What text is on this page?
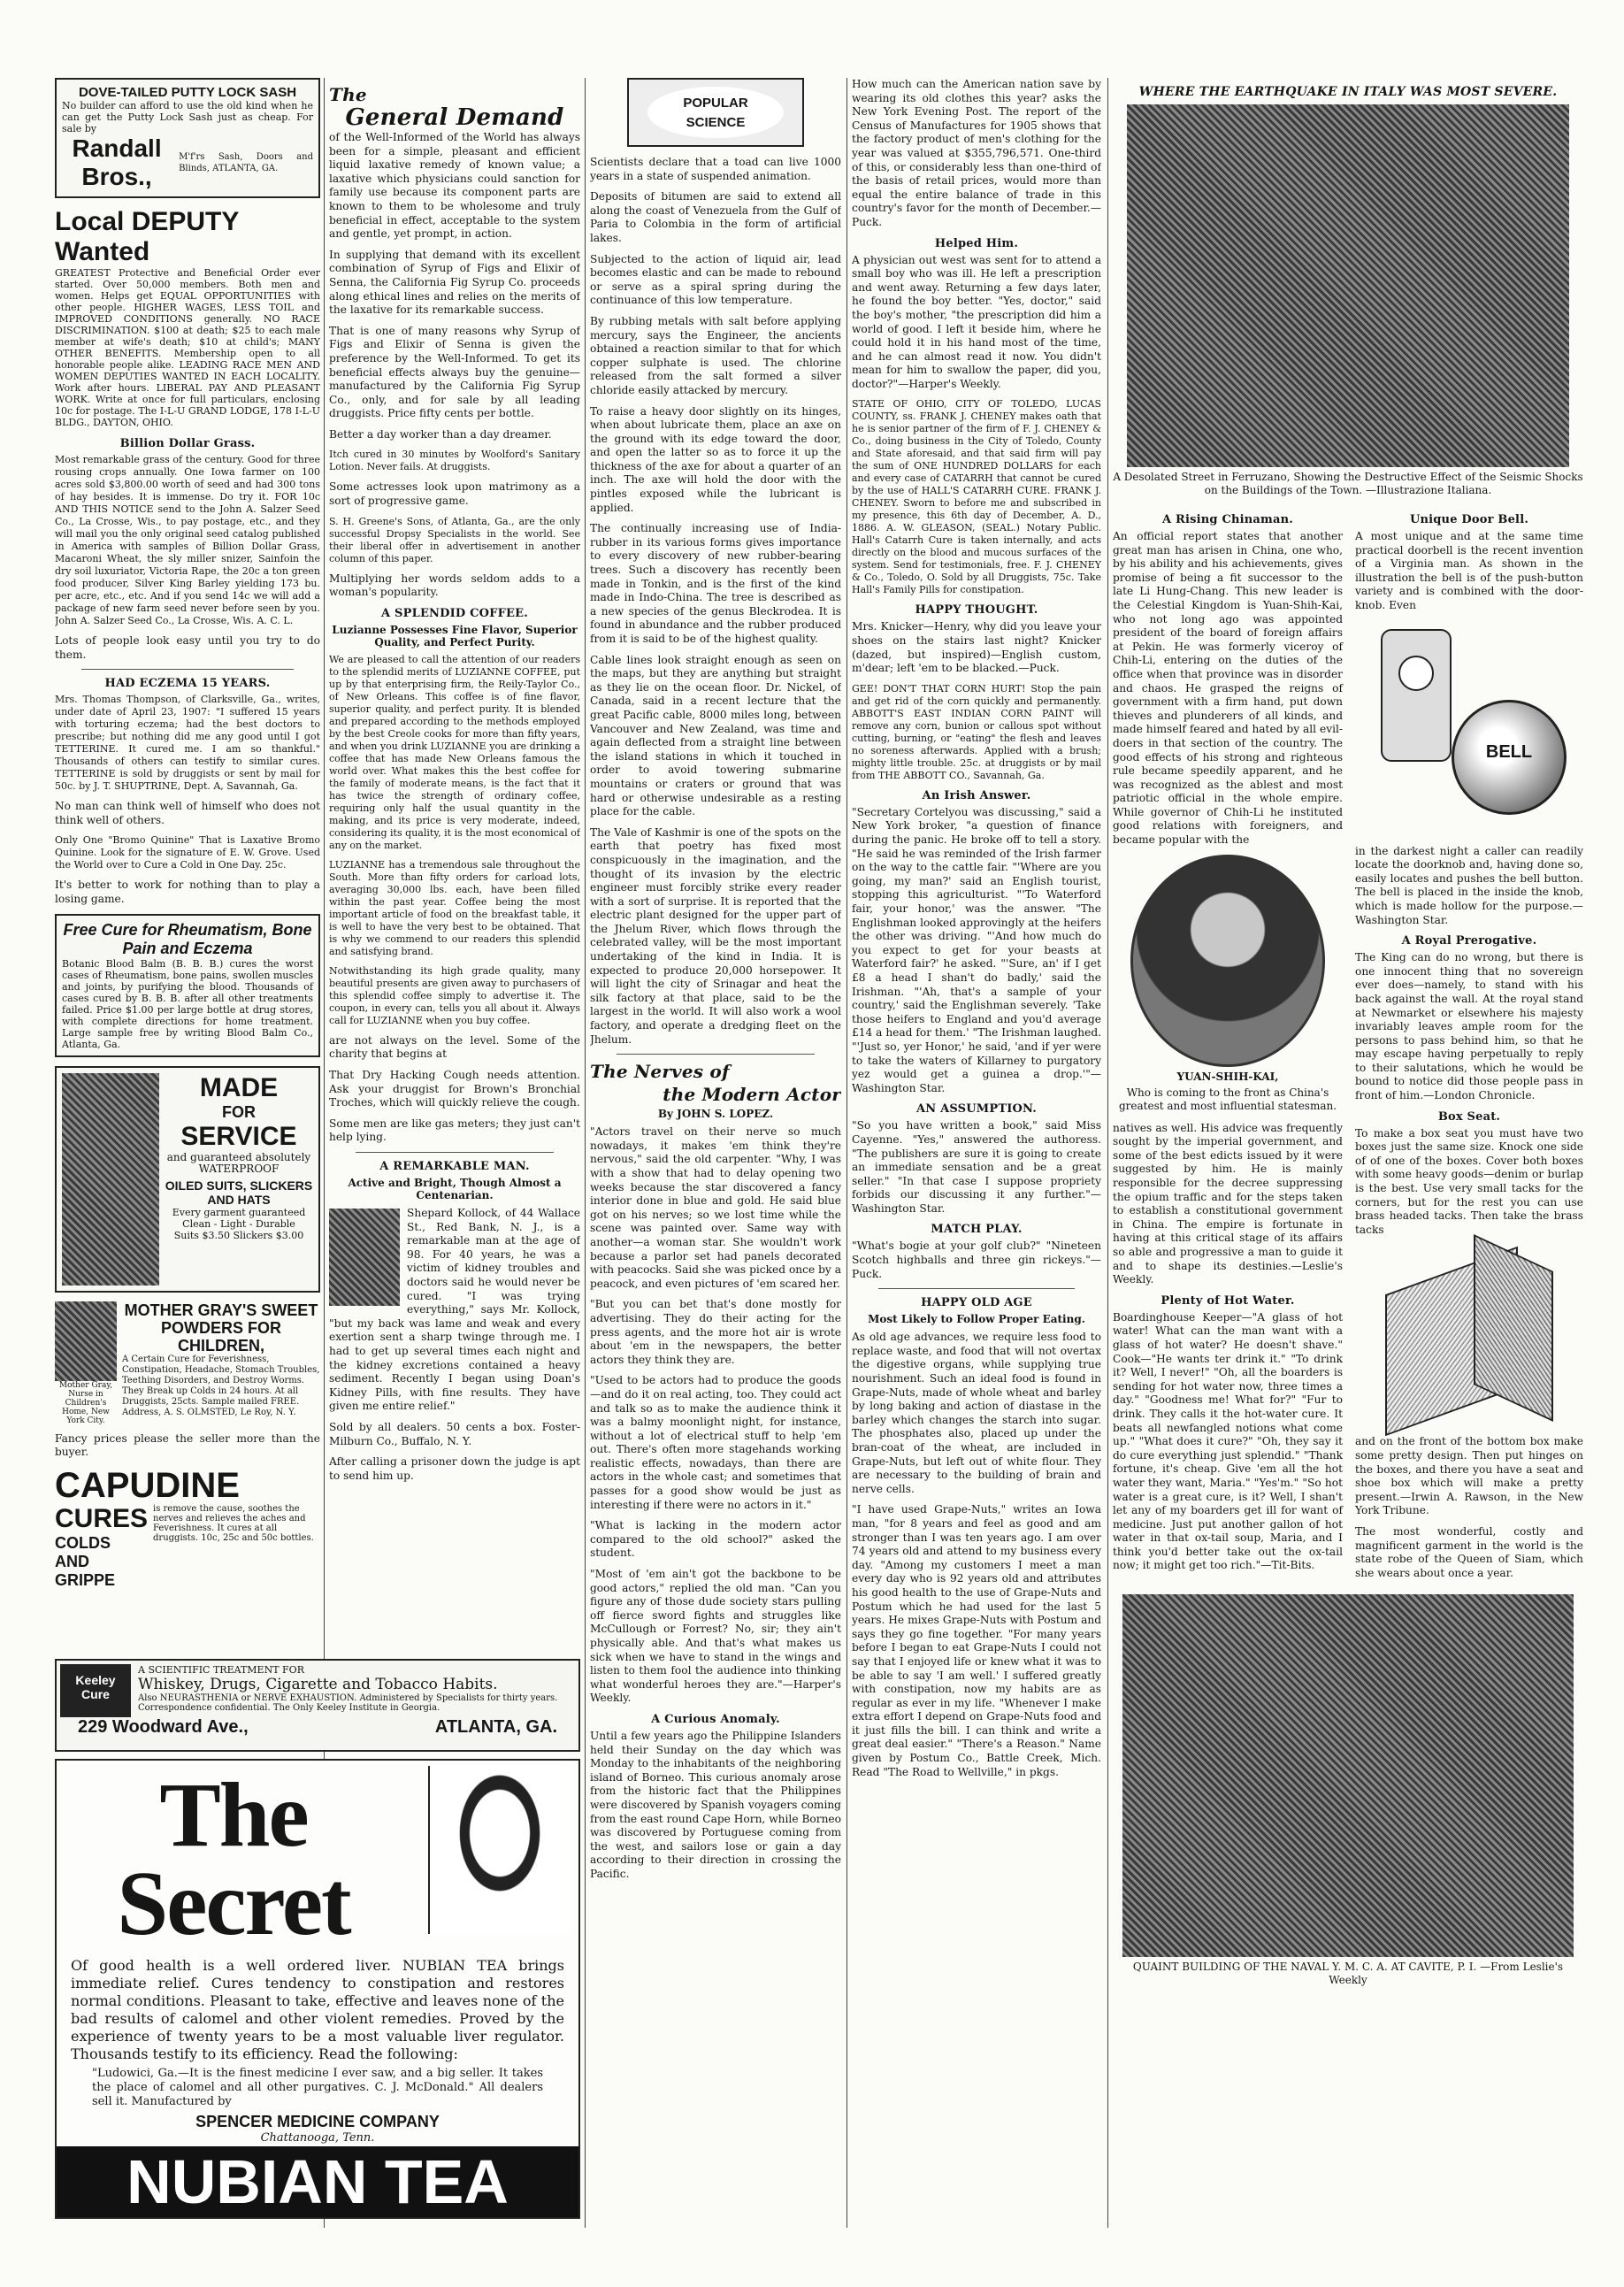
DOVE-TAILED PUTTY LOCK SASH
No builder can afford to use the old kind when he can get the Putty Lock Sash just as cheap. For sale by
Randall Bros.,
M'f'rs Sash, Doors and Blinds, ATLANTA, GA.
Local DEPUTY Wanted
GREATEST Protective and Beneficial Order ever started. Over 50,000 members. Both men and women. Helps get EQUAL OPPORTUNITIES with other people. HIGHER WAGES, LESS TOIL and IMPROVED CONDITIONS generally. NO RACE DISCRIMINATION. $100 at death; $25 to each male member at wife's death; $10 at child's; MANY OTHER BENEFITS. Membership open to all honorable people alike. LEADING RACE MEN AND WOMEN DEPUTIES WANTED IN EACH LOCALITY. Work after hours. LIBERAL PAY AND PLEASANT WORK. Write at once for full particulars, enclosing 10c for postage. The I-L-U GRAND LODGE, 178 I-L-U BLDG., DAYTON, OHIO.
Billion Dollar Grass.
Most remarkable grass of the century. Good for three rousing crops annually. One Iowa farmer on 100 acres sold $3,800.00 worth of seed and had 300 tons of hay besides. It is immense. Do try it. FOR 10c AND THIS NOTICE send to the John A. Salzer Seed Co., La Crosse, Wis., to pay postage, etc., and they will mail you the only original seed catalog published in America with samples of Billion Dollar Grass, Macaroni Wheat, the sly miller snizer, Sainfoin the dry soil luxuriator, Victoria Rape, the 20c a ton green food producer, Silver King Barley yielding 173 bu. per acre, etc., etc. And if you send 14c we will add a package of new farm seed never before seen by you. John A. Salzer Seed Co., La Crosse, Wis. A. C. L.
Lots of people look easy until you try to do them.
HAD ECZEMA 15 YEARS.
Mrs. Thomas Thompson, of Clarksville, Ga., writes, under date of April 23, 1907: "I suffered 15 years with torturing eczema; had the best doctors to prescribe; but nothing did me any good until I got TETTERINE. It cured me. I am so thankful." Thousands of others can testify to similar cures. TETTERINE is sold by druggists or sent by mail for 50c. by J. T. SHUPTRINE, Dept. A, Savannah, Ga.
No man can think well of himself who does not think well of others.
Only One "Bromo Quinine" That is Laxative Bromo Quinine. Look for the signature of E. W. Grove. Used the World over to Cure a Cold in One Day. 25c.
It's better to work for nothing than to play a losing game.
Free Cure for Rheumatism, Bone Pain and Eczema
Botanic Blood Balm (B. B. B.) cures the worst cases of Rheumatism, bone pains, swollen muscles and joints, by purifying the blood. Thousands of cases cured by B. B. B. after all other treatments failed. Price $1.00 per large bottle at drug stores, with complete directions for home treatment. Large sample free by writing Blood Balm Co., Atlanta, Ga.
MADE
FOR
SERVICE
and guaranteed absolutely WATERPROOF
OILED SUITS, SLICKERS AND HATS
Every garment guaranteed Clean - Light - Durable
Suits $3.50 Slickers $3.00
Mother Gray, Nurse in Children's Home, New York City.
MOTHER GRAY'S SWEET POWDERS FOR CHILDREN,
A Certain Cure for Feverishness, Constipation, Headache, Stomach Troubles, Teething Disorders, and Destroy Worms. They Break up Colds in 24 hours. At all Druggists, 25cts. Sample mailed FREE. Address, A. S. OLMSTED, Le Roy, N. Y.
Fancy prices please the seller more than the buyer.
CAPUDINE
CURES
COLDS AND GRIPPE
is remove the cause, soothes the nerves and relieves the aches and Feverishness. It cures at all druggists. 10c, 25c and 50c bottles.
The
General Demand
of the Well-Informed of the World has always been for a simple, pleasant and efficient liquid laxative remedy of known value; a laxative which physicians could sanction for family use because its component parts are known to them to be wholesome and truly beneficial in effect, acceptable to the system and gentle, yet prompt, in action.
In supplying that demand with its excellent combination of Syrup of Figs and Elixir of Senna, the California Fig Syrup Co. proceeds along ethical lines and relies on the merits of the laxative for its remarkable success.
That is one of many reasons why Syrup of Figs and Elixir of Senna is given the preference by the Well-Informed. To get its beneficial effects always buy the genuine—manufactured by the California Fig Syrup Co., only, and for sale by all leading druggists. Price fifty cents per bottle.
Better a day worker than a day dreamer.
Itch cured in 30 minutes by Woolford's Sanitary Lotion. Never fails. At druggists.
Some actresses look upon matrimony as a sort of progressive game.
S. H. Greene's Sons, of Atlanta, Ga., are the only successful Dropsy Specialists in the world. See their liberal offer in advertisement in another column of this paper.
Multiplying her words seldom adds to a woman's popularity.
A SPLENDID COFFEE.
Luzianne Possesses Fine Flavor, Superior Quality, and Perfect Purity.
We are pleased to call the attention of our readers to the splendid merits of LUZIANNE COFFEE, put up by that enterprising firm, the Reily-Taylor Co., of New Orleans. This coffee is of fine flavor, superior quality, and perfect purity. It is blended and prepared according to the methods employed by the best Creole cooks for more than fifty years, and when you drink LUZIANNE you are drinking a coffee that has made New Orleans famous the world over. What makes this the best coffee for the family of moderate means, is the fact that it has twice the strength of ordinary coffee, requiring only half the usual quantity in the making, and its price is very moderate, indeed, considering its quality, it is the most economical of any on the market.
LUZIANNE has a tremendous sale throughout the South. More than fifty orders for carload lots, averaging 30,000 lbs. each, have been filled within the past year. Coffee being the most important article of food on the breakfast table, it is well to have the very best to be obtained. That is why we commend to our readers this splendid and satisfying brand.
Notwithstanding its high grade quality, many beautiful presents are given away to purchasers of this splendid coffee simply to advertise it. The coupon, in every can, tells you all about it. Always call for LUZIANNE when you buy coffee.
are not always on the level. Some of the charity that begins at
That Dry Hacking Cough needs attention. Ask your druggist for Brown's Bronchial Troches, which will quickly relieve the cough.
Some men are like gas meters; they just can't help lying.
A REMARKABLE MAN.
Active and Bright, Though Almost a Centenarian.
Shepard Kollock, of 44 Wallace St., Red Bank, N. J., is a remarkable man at the age of 98. For 40 years, he was a victim of kidney troubles and doctors said he would never be cured. "I was trying everything," says Mr. Kollock, "but my back was lame and weak and every exertion sent a sharp twinge through me. I had to get up several times each night and the kidney excretions contained a heavy sediment. Recently I began using Doan's Kidney Pills, with fine results. They have given me entire relief."
Sold by all dealers. 50 cents a box. Foster-Milburn Co., Buffalo, N. Y.
After calling a prisoner down the judge is apt to send him up.
POPULAR
SCIENCE
Scientists declare that a toad can live 1000 years in a state of suspended animation.
Deposits of bitumen are said to extend all along the coast of Venezuela from the Gulf of Paria to Colombia in the form of artificial lakes.
Subjected to the action of liquid air, lead becomes elastic and can be made to rebound or serve as a spiral spring during the continuance of this low temperature.
By rubbing metals with salt before applying mercury, says the Engineer, the ancients obtained a reaction similar to that for which copper sulphate is used. The chlorine released from the salt formed a silver chloride easily attacked by mercury.
To raise a heavy door slightly on its hinges, when about lubricate them, place an axe on the ground with its edge toward the door, and open the latter so as to force it up the thickness of the axe for about a quarter of an inch. The axe will hold the door with the pintles exposed while the lubricant is applied.
The continually increasing use of India-rubber in its various forms gives importance to every discovery of new rubber-bearing trees. Such a discovery has recently been made in Tonkin, and is the first of the kind made in Indo-China. The tree is described as a new species of the genus Bleckrodea. It is found in abundance and the rubber produced from it is said to be of the highest quality.
Cable lines look straight enough as seen on the maps, but they are anything but straight as they lie on the ocean floor. Dr. Nickel, of Canada, said in a recent lecture that the great Pacific cable, 8000 miles long, between Vancouver and New Zealand, was time and again deflected from a straight line between the island stations in which it touched in order to avoid towering submarine mountains or craters or ground that was hard or otherwise undesirable as a resting place for the cable.
The Vale of Kashmir is one of the spots on the earth that poetry has fixed most conspicuously in the imagination, and the thought of its invasion by the electric engineer must forcibly strike every reader with a sort of surprise. It is reported that the electric plant designed for the upper part of the Jhelum River, which flows through the celebrated valley, will be the most important undertaking of the kind in India. It is expected to produce 20,000 horsepower. It will light the city of Srinagar and heat the silk factory at that place, said to be the largest in the world. It will also work a wool factory, and operate a dredging fleet on the Jhelum.
The Nerves of
the Modern Actor
By JOHN S. LOPEZ.
"Actors travel on their nerve so much nowadays, it makes 'em think they're nervous," said the old carpenter. "Why, I was with a show that had to delay opening two weeks because the star discovered a fancy interior done in blue and gold. He said blue got on his nerves; so we lost time while the scene was painted over. Same way with another—a woman star. She wouldn't work because a parlor set had panels decorated with peacocks. Said she was picked once by a peacock, and even pictures of 'em scared her.
"But you can bet that's done mostly for advertising. They do their acting for the press agents, and the more hot air is wrote about 'em in the newspapers, the better actors they think they are.
"Used to be actors had to produce the goods—and do it on real acting, too. They could act and talk so as to make the audience think it was a balmy moonlight night, for instance, without a lot of electrical stuff to help 'em out. There's often more stagehands working realistic effects, nowadays, than there are actors in the whole cast; and sometimes that passes for a good show would be just as interesting if there were no actors in it."
"What is lacking in the modern actor compared to the old school?" asked the student.
"Most of 'em ain't got the backbone to be good actors," replied the old man. "Can you figure any of those dude society stars pulling off fierce sword fights and struggles like McCullough or Forrest? No, sir; they ain't physically able. And that's what makes us sick when we have to stand in the wings and listen to them fool the audience into thinking what wonderful heroes they are."—Harper's Weekly.
A Curious Anomaly.
Until a few years ago the Philippine Islanders held their Sunday on the day which was Monday to the inhabitants of the neighboring island of Borneo. This curious anomaly arose from the historic fact that the Philippines were discovered by Spanish voyagers coming from the east round Cape Horn, while Borneo was discovered by Portuguese coming from the west, and sailors lose or gain a day according to their direction in crossing the Pacific.
How much can the American nation save by wearing its old clothes this year? asks the New York Evening Post. The report of the Census of Manufactures for 1905 shows that the factory product of men's clothing for the year was valued at $355,796,571. One-third of this, or considerably less than one-third of the basis of retail prices, would more than equal the entire balance of trade in this country's favor for the month of December.—Puck.
Helped Him.
A physician out west was sent for to attend a small boy who was ill. He left a prescription and went away. Returning a few days later, he found the boy better. "Yes, doctor," said the boy's mother, "the prescription did him a world of good. I left it beside him, where he could hold it in his hand most of the time, and he can almost read it now. You didn't mean for him to swallow the paper, did you, doctor?"—Harper's Weekly.
STATE OF OHIO, CITY OF TOLEDO, LUCAS COUNTY, ss. FRANK J. CHENEY makes oath that he is senior partner of the firm of F. J. CHENEY & Co., doing business in the City of Toledo, County and State aforesaid, and that said firm will pay the sum of ONE HUNDRED DOLLARS for each and every case of CATARRH that cannot be cured by the use of HALL'S CATARRH CURE. FRANK J. CHENEY. Sworn to before me and subscribed in my presence, this 6th day of December, A. D., 1886. A. W. GLEASON, (SEAL.) Notary Public. Hall's Catarrh Cure is taken internally, and acts directly on the blood and mucous surfaces of the system. Send for testimonials, free. F. J. CHENEY & Co., Toledo, O. Sold by all Druggists, 75c. Take Hall's Family Pills for constipation.
HAPPY THOUGHT.
Mrs. Knicker—Henry, why did you leave your shoes on the stairs last night? Knicker (dazed, but inspired)—English custom, m'dear; left 'em to be blacked.—Puck.
GEE! DON'T THAT CORN HURT! Stop the pain and get rid of the corn quickly and permanently. ABBOTT'S EAST INDIAN CORN PAINT will remove any corn, bunion or callous spot without cutting, burning, or "eating" the flesh and leaves no soreness afterwards. Applied with a brush; mighty little trouble. 25c. at druggists or by mail from THE ABBOTT CO., Savannah, Ga.
An Irish Answer.
"Secretary Cortelyou was discussing," said a New York broker, "a question of finance during the panic. He broke off to tell a story. "He said he was reminded of the Irish farmer on the way to the cattle fair. "'Where are you going, my man?' said an English tourist, stopping this agriculturist. "'To Waterford fair, your honor,' was the answer. "The Englishman looked approvingly at the heifers the other was driving. "'And how much do you expect to get for your beasts at Waterford fair?' he asked. "'Sure, an' if I get £8 a head I shan't do badly,' said the Irishman. "'Ah, that's a sample of your country,' said the Englishman severely. 'Take those heifers to England and you'd average £14 a head for them.' "The Irishman laughed. "'Just so, yer Honor,' he said, 'and if yer were to take the waters of Killarney to purgatory yez would get a guinea a drop.'"—Washington Star.
AN ASSUMPTION.
"So you have written a book," said Miss Cayenne. "Yes," answered the authoress. "The publishers are sure it is going to create an immediate sensation and be a great seller." "In that case I suppose propriety forbids our discussing it any further."—Washington Star.
MATCH PLAY.
"What's bogie at your golf club?" "Nineteen Scotch highballs and three gin rickeys."—Puck.
HAPPY OLD AGE
Most Likely to Follow Proper Eating.
As old age advances, we require less food to replace waste, and food that will not overtax the digestive organs, while supplying true nourishment. Such an ideal food is found in Grape-Nuts, made of whole wheat and barley by long baking and action of diastase in the barley which changes the starch into sugar. The phosphates also, placed up under the bran-coat of the wheat, are included in Grape-Nuts, but left out of white flour. They are necessary to the building of brain and nerve cells.
"I have used Grape-Nuts," writes an Iowa man, "for 8 years and feel as good and am stronger than I was ten years ago. I am over 74 years old and attend to my business every day. "Among my customers I meet a man every day who is 92 years old and attributes his good health to the use of Grape-Nuts and Postum which he had used for the last 5 years. He mixes Grape-Nuts with Postum and says they go fine together. "For many years before I began to eat Grape-Nuts I could not say that I enjoyed life or knew what it was to be able to say 'I am well.' I suffered greatly with constipation, now my habits are as regular as ever in my life. "Whenever I make extra effort I depend on Grape-Nuts food and it just fills the bill. I can think and write a great deal easier." "There's a Reason." Name given by Postum Co., Battle Creek, Mich. Read "The Road to Wellville," in pkgs.
WHERE THE EARTHQUAKE IN ITALY WAS MOST SEVERE.
A Desolated Street in Ferruzano, Showing the Destructive Effect of the Seismic Shocks on the Buildings of the Town. —Illustrazione Italiana.
A Rising Chinaman.
An official report states that another great man has arisen in China, one who, by his ability and his achievements, gives promise of being a fit successor to the late Li Hung-Chang. This new leader is the Celestial Kingdom is Yuan-Shih-Kai, who not long ago was appointed president of the board of foreign affairs at Pekin. He was formerly viceroy of Chih-Li, entering on the duties of the office when that province was in disorder and chaos. He grasped the reigns of government with a firm hand, put down thieves and plunderers of all kinds, and made himself feared and hated by all evil-doers in that section of the country. The good effects of his strong and righteous rule became speedily apparent, and he was recognized as the ablest and most patriotic official in the whole empire. While governor of Chih-Li he instituted good relations with foreigners, and became popular with the
YUAN-SHIH-KAI,
Who is coming to the front as China's greatest and most influential statesman.
natives as well. His advice was frequently sought by the imperial government, and some of the best edicts issued by it were suggested by him. He is mainly responsible for the decree suppressing the opium traffic and for the steps taken to establish a constitutional government in China. The empire is fortunate in having at this critical stage of its affairs so able and progressive a man to guide it and to shape its destinies.—Leslie's Weekly.
Plenty of Hot Water.
Boardinghouse Keeper—"A glass of hot water! What can the man want with a glass of hot water? He doesn't shave." Cook—"He wants ter drink it." "To drink it? Well, I never!" "Oh, all the boarders is sending for hot water now, three times a day." "Goodness me! What for?" "Fur to drink. They calls it the hot-water cure. It beats all newfangled notions what come up." "What does it cure?" "Oh, they say it do cure everything just splendid." "Thank fortune, it's cheap. Give 'em all the hot water they want, Maria." "Yes'm." "So hot water is a great cure, is it? Well, I shan't let any of my boarders get ill for want of medicine. Just put another gallon of hot water in that ox-tail soup, Maria, and I think you'd better take out the ox-tail now; it might get too rich."—Tit-Bits.
Unique Door Bell.
A most unique and at the same time practical doorbell is the recent invention of a Virginia man. As shown in the illustration the bell is of the push-button variety and is combined with the door-knob. Even
BELL
in the darkest night a caller can readily locate the doorknob and, having done so, easily locates and pushes the bell button. The bell is placed in the inside the knob, which is made hollow for the purpose.—Washington Star.
A Royal Prerogative.
The King can do no wrong, but there is one innocent thing that no sovereign ever does—namely, to stand with his back against the wall. At the royal stand at Newmarket or elsewhere his majesty invariably leaves ample room for the persons to pass behind him, so that he may escape having perpetually to reply to their salutations, which he would be bound to notice did those people pass in front of him.—London Chronicle.
Box Seat.
To make a box seat you must have two boxes just the same size. Knock one side of of one of the boxes. Cover both boxes with some heavy goods—denim or burlap is the best. Use very small tacks for the corners, but for the rest you can use brass headed tacks. Then take the brass tacks
and on the front of the bottom box make some pretty design. Then put hinges on the boxes, and there you have a seat and shoe box which will make a pretty present.—Irwin A. Rawson, in the New York Tribune.
The most wonderful, costly and magnificent garment in the world is the state robe of the Queen of Siam, which she wears about once a year.
QUAINT BUILDING OF THE NAVAL Y. M. C. A. AT CAVITE, P. I. —From Leslie's Weekly
Keeley Cure
A SCIENTIFIC TREATMENT FOR
Whiskey, Drugs, Cigarette and Tobacco Habits.
Also NEURASTHENIA or NERVE EXHAUSTION. Administered by Specialists for thirty years. Correspondence confidential. The Only Keeley Institute in Georgia.
229 Woodward Ave.,	ATLANTA, GA.
The Secret
Of good health is a well ordered liver. NUBIAN TEA brings immediate relief. Cures tendency to constipation and restores normal conditions. Pleasant to take, effective and leaves none of the bad results of calomel and other violent remedies. Proved by the experience of twenty years to be a most valuable liver regulator. Thousands testify to its efficiency. Read the following:
"Ludowici, Ga.—It is the finest medicine I ever saw, and a big seller. It takes the place of calomel and all other purgatives. C. J. McDonald." All dealers sell it. Manufactured by
SPENCER MEDICINE COMPANY
Chattanooga, Tenn.
NUBIAN TEA
